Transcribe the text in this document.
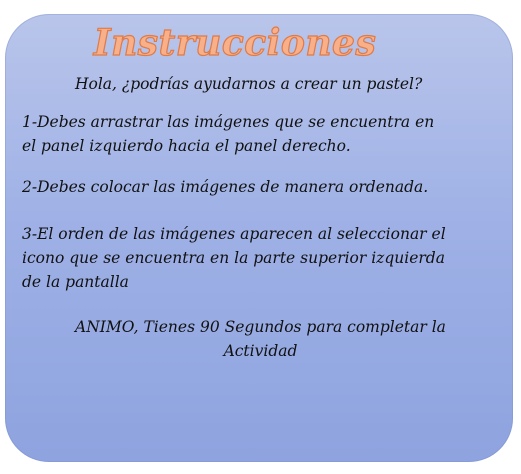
Instrucciones

Hola, ¿podrías ayudarnos a crear un pastel?

1-Debes arrastrar las imágenes que se encuentra en
el panel izquierdo hacia el panel derecho.

2-Debes colocar las imágenes de manera ordenada.

3-El orden de las imágenes aparecen al seleccionar el
icono que se encuentra en la parte superior izquierda
de la pantalla

ANIMO, Tienes 90 Segundos para completar la
Actividad
